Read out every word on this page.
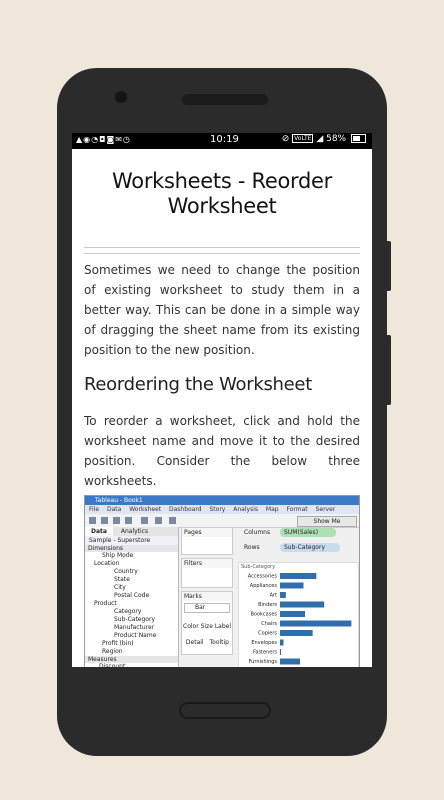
▲◉◔◘◙✉◷	10:19	⊘ VoLTE ◢ 58%
Worksheets - Reorder Worksheet

Sometimes we need to change the position of existing worksheet to study them in a better way. This can be done in a simple way of dragging the sheet name from its existing position to the new position.

Reordering the Worksheet

To reorder a worksheet, click and hold the worksheet name and move it to the desired position. Consider the below three worksheets.

Tableau - Book1
File Data Worksheet Dashboard Story Analysis Map Format Server
Show Me
Data Analytics
Sample - Superstore
Dimensions
Ship Mode
Location
Country
State
City
Postal Code
Product
Category
Sub-Category
Manufacturer
Product Name
Profit (bin)
Region
Measures
Discount
Pages
Filters
Marks
Bar
Color Size Label
Detail Tooltip
Columns	SUM(Sales)
Rows	Sub-Category
Sub-Category
Accessories
Appliances
Art
Binders
Bookcases
Chairs
Copiers
Envelopes
Fasteners
Furnishings
